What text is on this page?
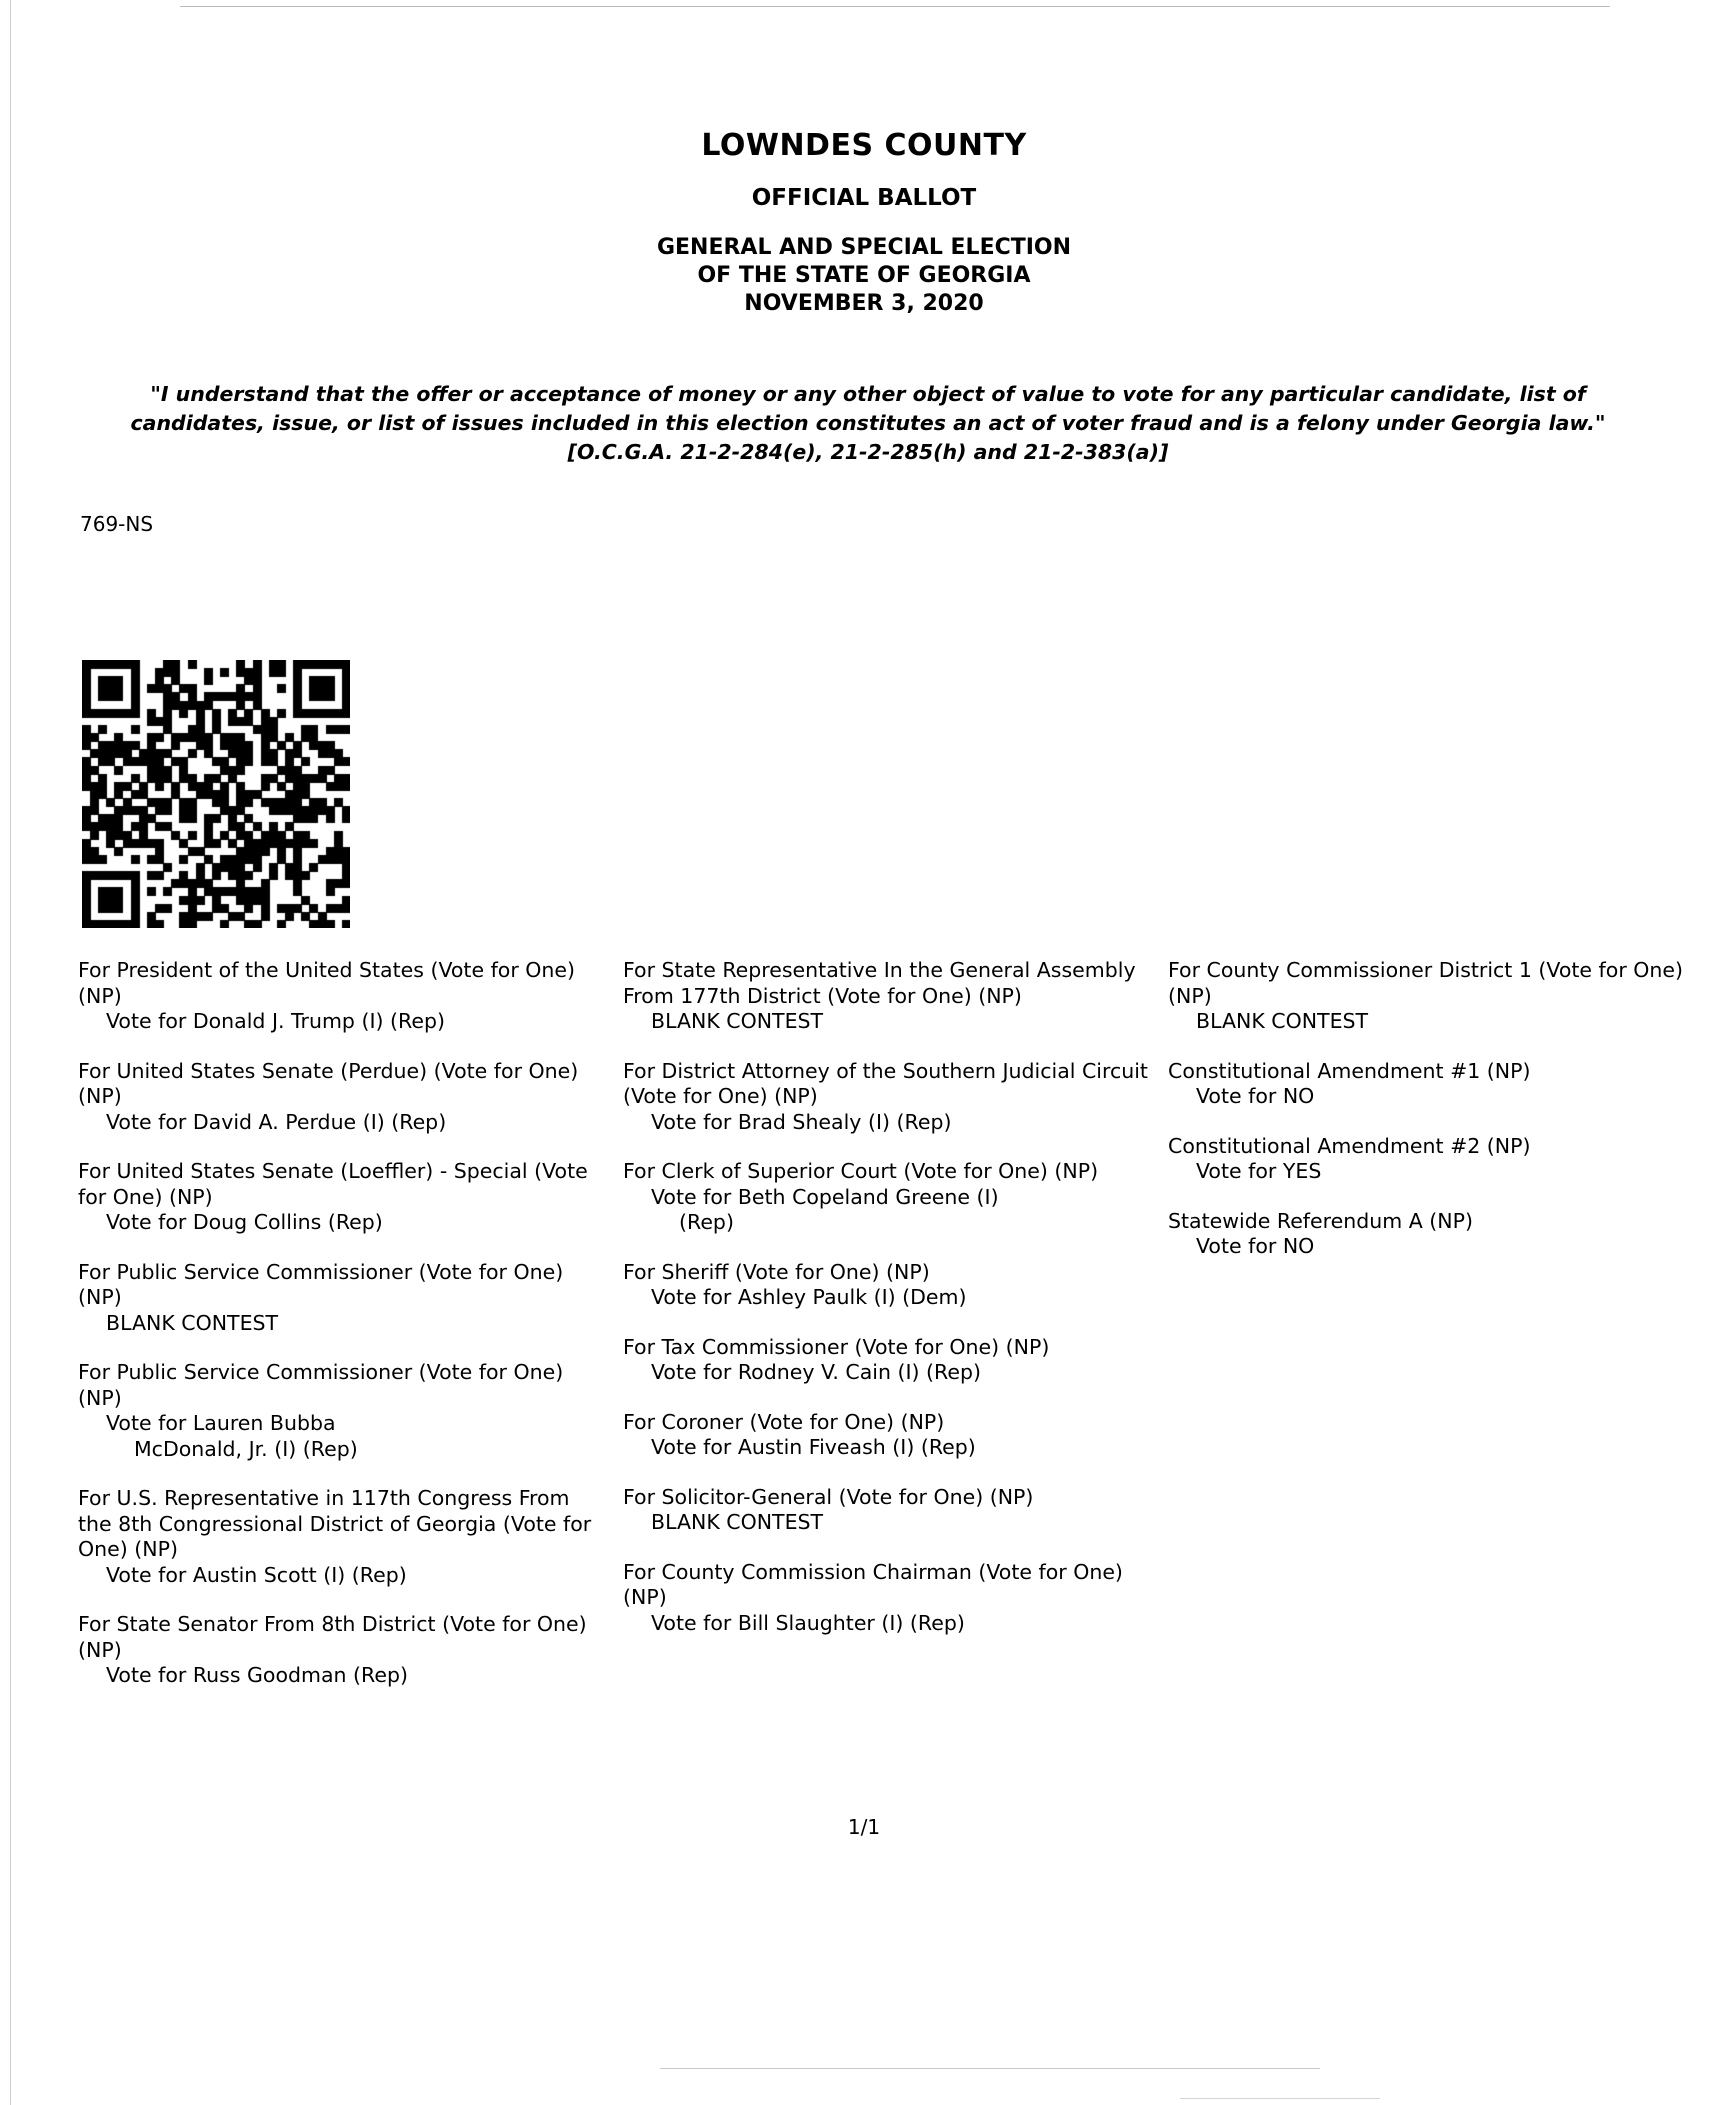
LOWNDES COUNTY
OFFICIAL BALLOT
GENERAL AND SPECIAL ELECTION
OF THE STATE OF GEORGIA
NOVEMBER 3, 2020
"I understand that the offer or acceptance of money or any other object of value to vote for any particular candidate, list of candidates, issue, or list of issues included in this election constitutes an act of voter fraud and is a felony under Georgia law." [O.C.G.A. 21-2-284(e), 21-2-285(h) and 21-2-383(a)]
769-NS
For President of the United States (Vote for One) (NP)
Vote for Donald J. Trump (I) (Rep)
For United States Senate (Perdue) (Vote for One) (NP)
Vote for David A. Perdue (I) (Rep)
For United States Senate (Loeffler) - Special (Vote for One) (NP)
Vote for Doug Collins (Rep)
For Public Service Commissioner (Vote for One) (NP)
BLANK CONTEST
For Public Service Commissioner (Vote for One) (NP)
Vote for Lauren Bubba
McDonald, Jr. (I) (Rep)
For U.S. Representative in 117th Congress From the 8th Congressional District of Georgia (Vote for One) (NP)
Vote for Austin Scott (I) (Rep)
For State Senator From 8th District (Vote for One) (NP)
Vote for Russ Goodman (Rep)
For State Representative In the General Assembly From 177th District (Vote for One) (NP)
BLANK CONTEST
For District Attorney of the Southern Judicial Circuit (Vote for One) (NP)
Vote for Brad Shealy (I) (Rep)
For Clerk of Superior Court (Vote for One) (NP)
Vote for Beth Copeland Greene (I)
(Rep)
For Sheriff (Vote for One) (NP)
Vote for Ashley Paulk (I) (Dem)
For Tax Commissioner (Vote for One) (NP)
Vote for Rodney V. Cain (I) (Rep)
For Coroner (Vote for One) (NP)
Vote for Austin Fiveash (I) (Rep)
For Solicitor-General (Vote for One) (NP)
BLANK CONTEST
For County Commission Chairman (Vote for One) (NP)
Vote for Bill Slaughter (I) (Rep)
For County Commissioner District 1 (Vote for One) (NP)
BLANK CONTEST
Constitutional Amendment #1 (NP)
Vote for NO
Constitutional Amendment #2 (NP)
Vote for YES
Statewide Referendum A (NP)
Vote for NO
1/1
